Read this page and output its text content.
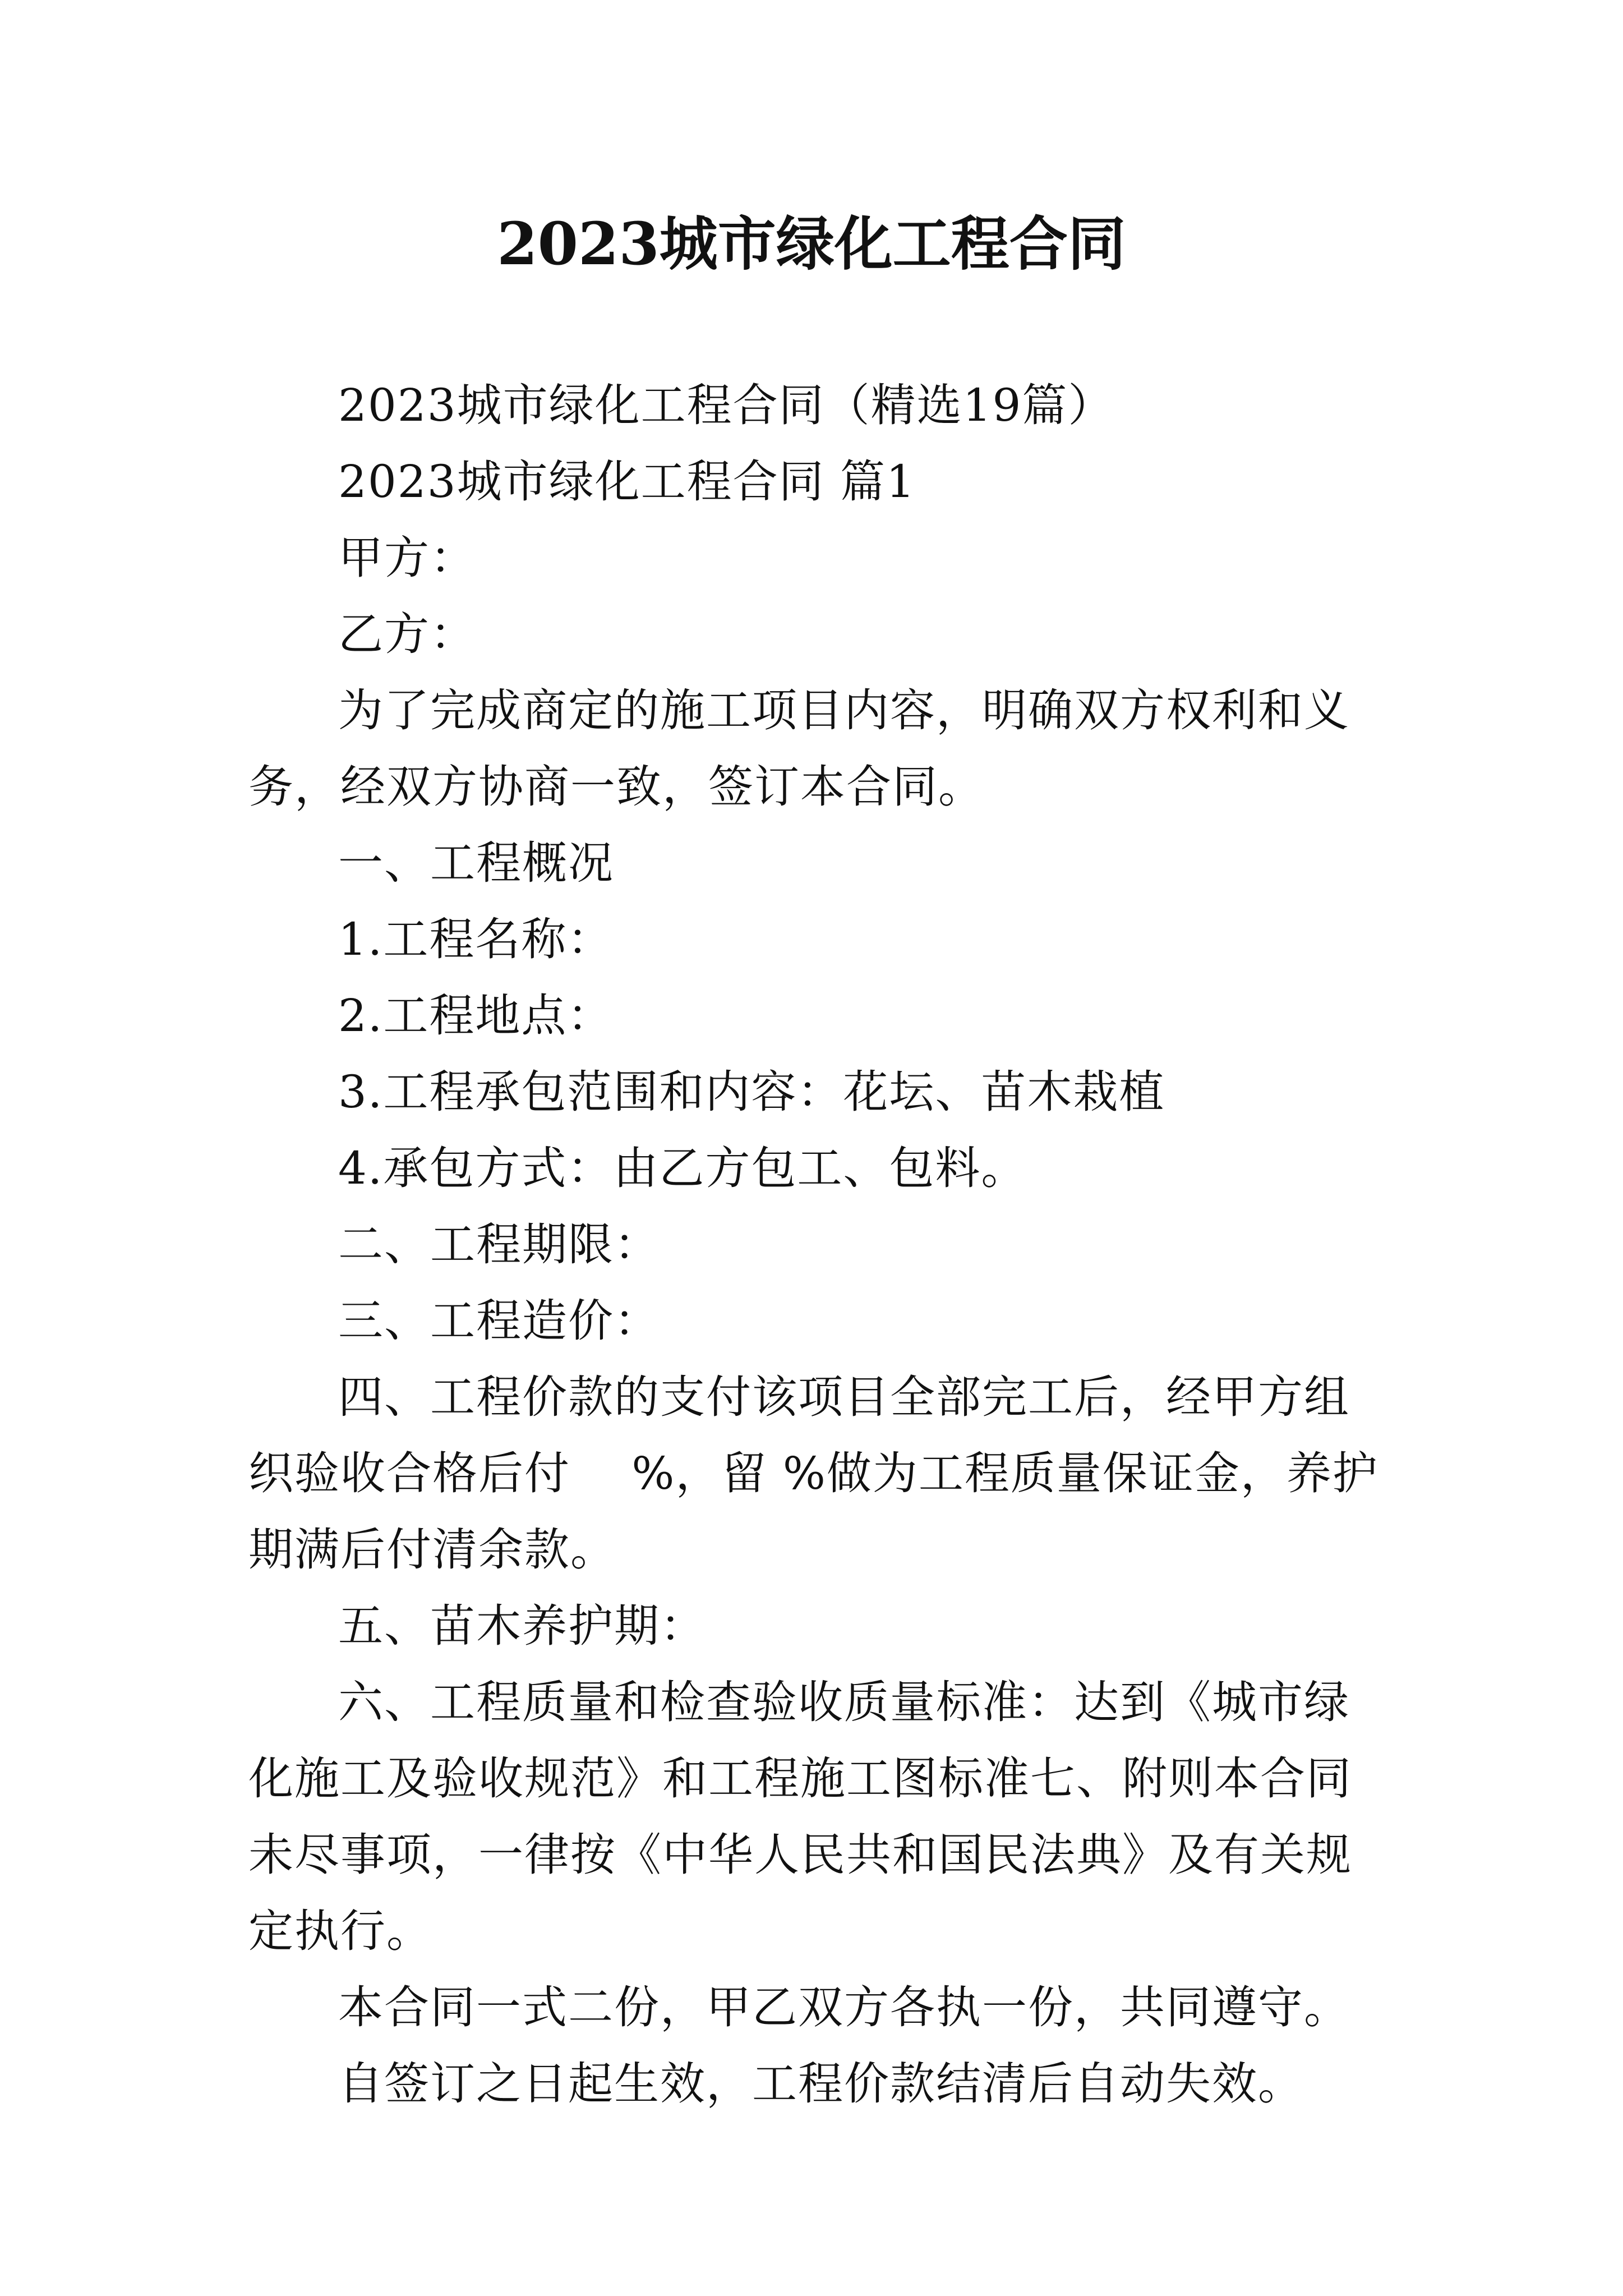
2023城市绿化工程合同

2023城市绿化工程合同（精选19篇）

2023城市绿化工程合同 篇1

甲方：

乙方：

为了完成商定的施工项目内容，明确双方权利和义务，经双方协商一致，签订本合同。

一、工程概况

1.工程名称：

2.工程地点：

3.工程承包范围和内容：花坛、苗木栽植

4.承包方式：由乙方包工、包料。

二、工程期限：

三、工程造价：

四、工程价款的支付该项目全部完工后，经甲方组织验收合格后付　 %，留 %做为工程质量保证金，养护期满后付清余款。

五、苗木养护期：

六、工程质量和检查验收质量标准：达到《城市绿化施工及验收规范》和工程施工图标准七、附则本合同未尽事项，一律按《中华人民共和国民法典》及有关规定执行。

本合同一式二份，甲乙双方各执一份，共同遵守。

自签订之日起生效，工程价款结清后自动失效。
